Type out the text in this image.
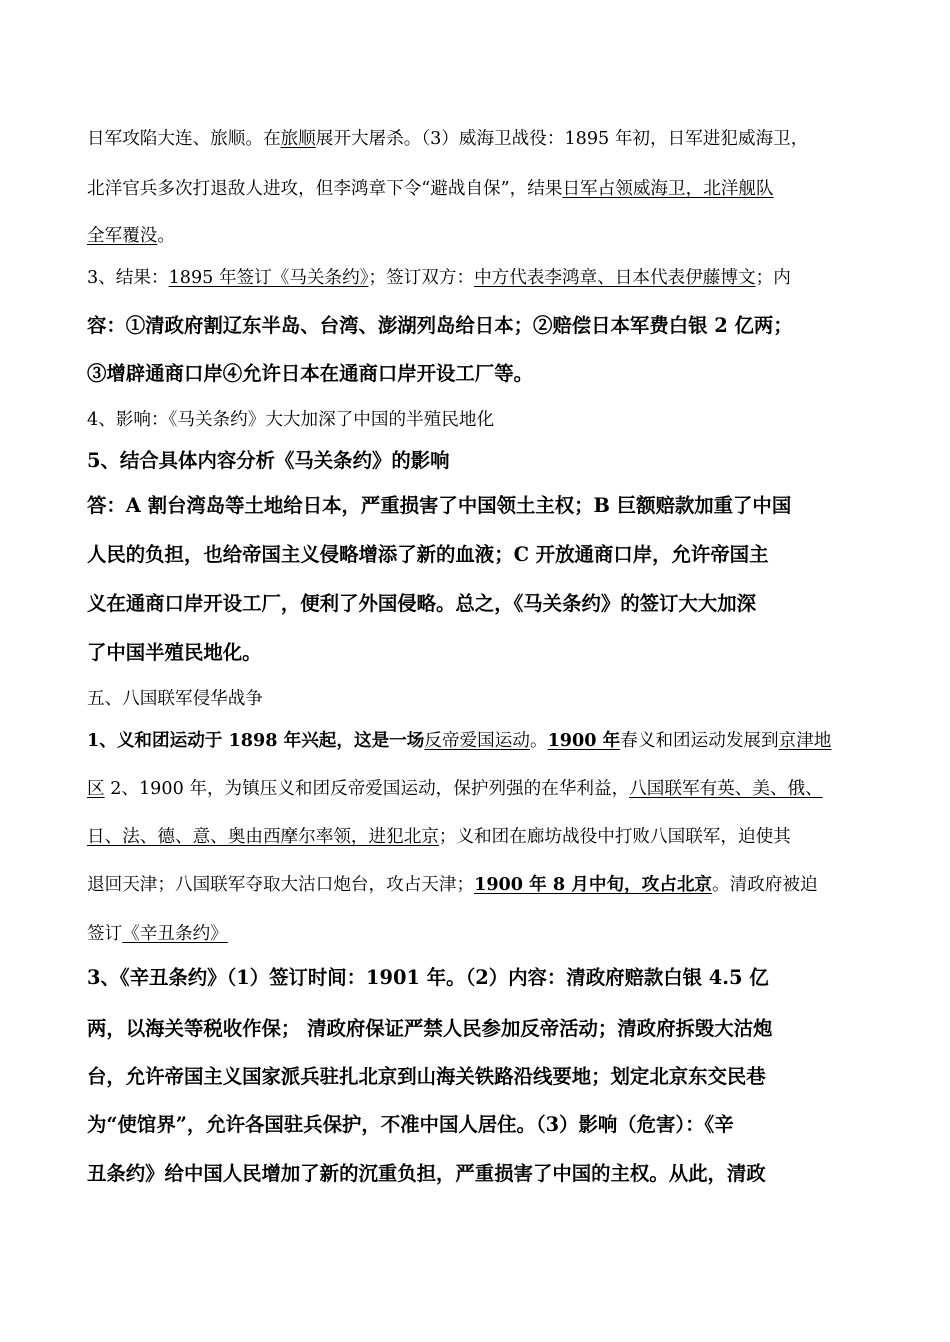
日军攻陷大连、旅顺。在旅顺展开大屠杀。（3）威海卫战役：1895 年初，日军进犯威海卫，
北洋官兵多次打退敌人进攻，但李鸿章下令“避战自保”，结果日军占领威海卫，北洋舰队
全军覆没。
3、结果：1895 年签订《马关条约》；签订双方：中方代表李鸿章、日本代表伊藤博文；内
容：①清政府割辽东半岛、台湾、澎湖列岛给日本；②赔偿日本军费白银 2 亿两；
③增辟通商口岸④允许日本在通商口岸开设工厂等。
4、影响：《马关条约》大大加深了中国的半殖民地化
5、结合具体内容分析《马关条约》的影响
答：A 割台湾岛等土地给日本，严重损害了中国领土主权；B 巨额赔款加重了中国
人民的负担，也给帝国主义侵略增添了新的血液；C 开放通商口岸，允许帝国主
义在通商口岸开设工厂，便利了外国侵略。总之，《马关条约》的签订大大加深
了中国半殖民地化。
五、八国联军侵华战争
1、义和团运动于 1898 年兴起，这是一场反帝爱国运动。1900 年春义和团运动发展到京津地
区 2、1900 年，为镇压义和团反帝爱国运动，保护列强的在华利益，八国联军有英、美、俄、
日、法、德、意、奥由西摩尔率领，进犯北京；义和团在廊坊战役中打败八国联军，迫使其
退回天津；八国联军夺取大沽口炮台，攻占天津；1900 年 8 月中旬，攻占北京。清政府被迫
签订《辛丑条约》
3、《辛丑条约》（1）签订时间：1901 年。（2）内容：清政府赔款白银 4.5 亿
两，以海关等税收作保； 清政府保证严禁人民参加反帝活动；清政府拆毁大沽炮
台，允许帝国主义国家派兵驻扎北京到山海关铁路沿线要地；划定北京东交民巷
为“使馆界”，允许各国驻兵保护，不准中国人居住。（3）影响（危害）：《辛
丑条约》给中国人民增加了新的沉重负担，严重损害了中国的主权。从此，清政
